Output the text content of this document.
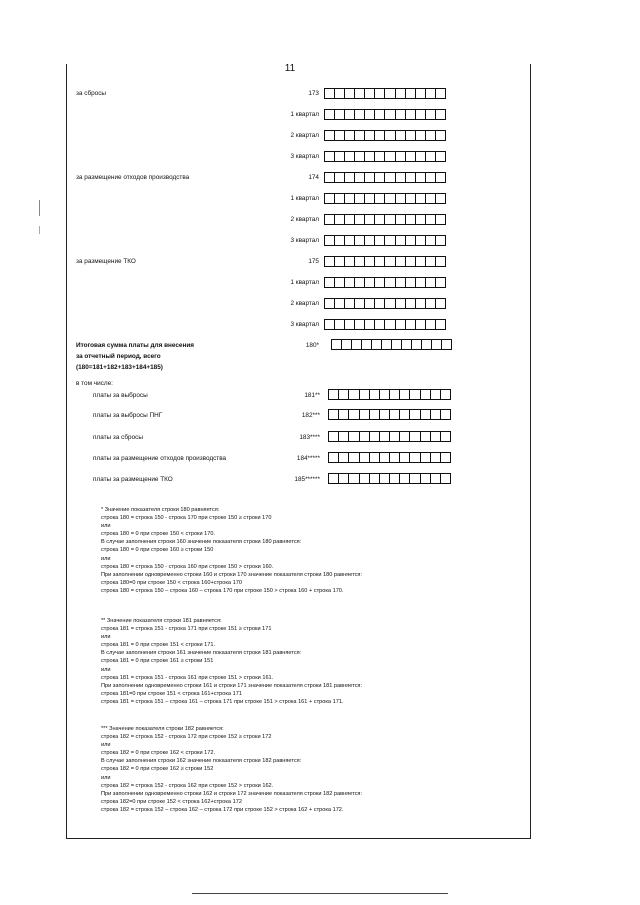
11
за сбросы	173
1 квартал
2 квартал
3 квартал
за размещение отходов производства	174
1 квартал
2 квартал
3 квартал
за размещение ТКО	175
1 квартал
2 квартал
3 квартал
Итоговая сумма платы для внесения
за отчетный период, всего
(180=181+182+183+184+185)
180*
в том числе:
платы за выбросы	181**
платы за выбросы ПНГ	182***
платы за сбросы	183****
платы за размещение отходов производства	184*****
платы за размещение ТКО	185******
* Значение показателя строки 180 равняется:
строка 180 = строка 150 - строка 170 при строке 150 ≥ строки 170
или
строка 180 = 0 при строке 150 < строки 170.
В случае заполнения строки 160 значение показателя строки 180 равняется:
строка 180 = 0 при строке 160 ≥ строки 150
или
строка 180 = строка 150 - строка 160 при строке 150 > строки 160.
При заполнении одновременно строки 160 и строки 170 значение показателя строки 180 равняется:
строка 180=0 при строке 150 < строка 160+строка 170
строка 180 = строка 150 – строка 160 – строка 170 при строке 150 > строка 160 + строка 170.
** Значение показателя строки 181 равняется:
строка 181 = строка 151 - строка 171 при строке 151 ≥ строки 171
или
строка 181 = 0 при строке 151 < строки 171.
В случае заполнения строки 161 значение показателя строки 181 равняется:
строка 181 = 0 при строке 161 ≥ строки 151
или
строка 181 = строка 151 - строка 161 при строке 151 > строки 161.
При заполнении одновременно строки 161 и строки 171 значение показателя строки 181 равняется:
строка 181=0 при строке 151 < строка 161+строка 171
строка 181 = строка 151 – строка 161 – строка 171 при строке 151 > строка 161 + строка 171.
*** Значение показателя строки 182 равняется:
строка 182 = строка 152 - строка 172 при строке 152 ≥ строки 172
или
строка 182 = 0 при строке 162 < строки 172.
В случае заполнения строки 162 значение показателя строки 182 равняется:
строка 182 = 0 при строке 162 ≥ строки 152
или
строка 182 = строка 152 - строка 162 при строке 152 > строки 162.
При заполнении одновременно строки 162 и строки 172 значение показателя строки 182 равняется:
строка 182=0 при строке 152 < строка 162+строка 172
строка 182 = строка 152 – строка 162 – строка 172 при строке 152 > строка 162 + строка 172.
